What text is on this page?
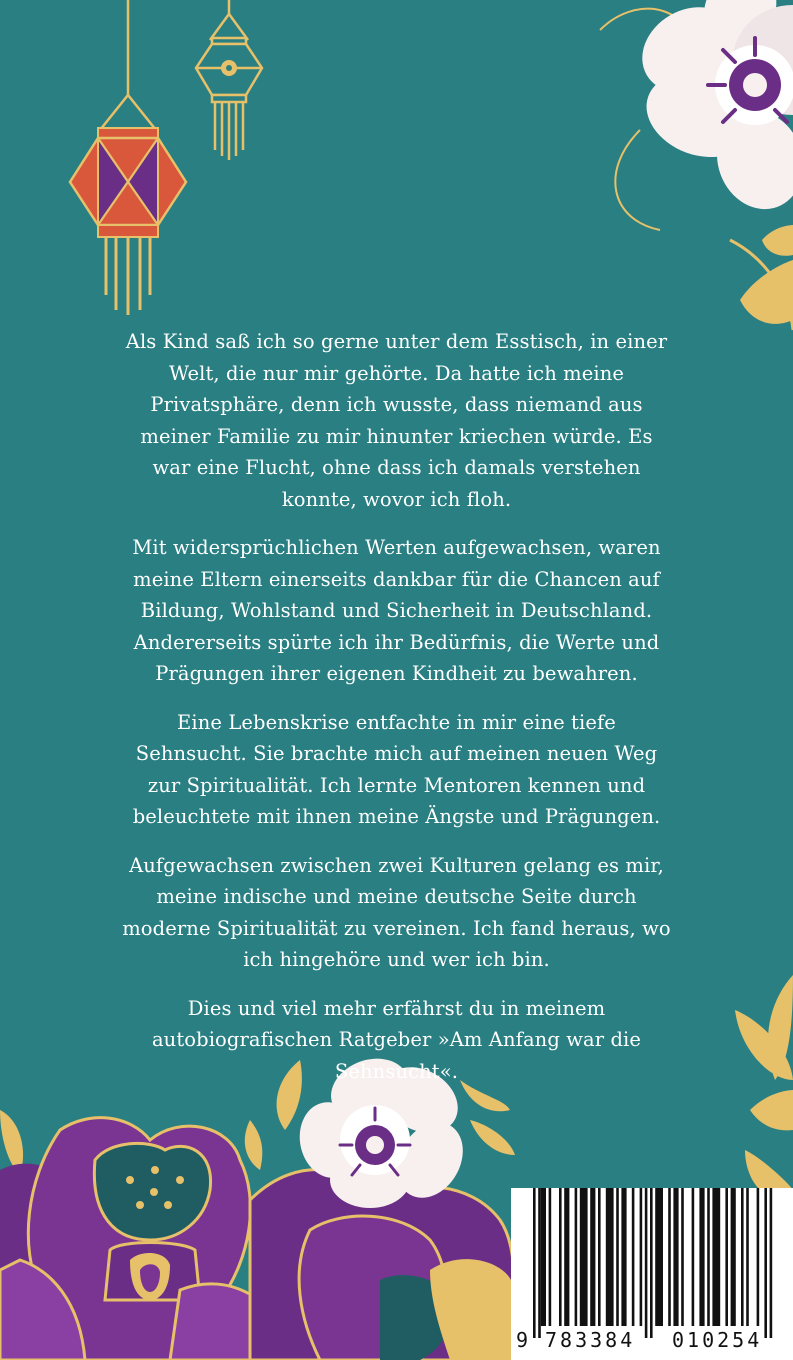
Als Kind saß ich so gerne unter dem Esstisch, in einer Welt, die nur mir gehörte. Da hatte ich meine Privatsphäre, denn ich wusste, dass niemand aus meiner Familie zu mir hinunter kriechen würde. Es war eine Flucht, ohne dass ich damals verstehen konnte, wovor ich floh.

Mit widersprüchlichen Werten aufgewachsen, waren meine Eltern einerseits dankbar für die Chancen auf Bildung, Wohlstand und Sicherheit in Deutschland. Andererseits spürte ich ihr Bedürfnis, die Werte und Prägungen ihrer eigenen Kindheit zu bewahren.

Eine Lebenskrise entfachte in mir eine tiefe Sehnsucht. Sie brachte mich auf meinen neuen Weg zur Spiritualität. Ich lernte Mentoren kennen und beleuchtete mit ihnen meine Ängste und Prägungen.

Aufgewachsen zwischen zwei Kulturen gelang es mir, meine indische und meine deutsche Seite durch moderne Spiritualität zu vereinen. Ich fand heraus, wo ich hingehöre und wer ich bin.

Dies und viel mehr erfährst du in meinem autobiografischen Ratgeber »Am Anfang war die Sehnsucht«.

9 783384 010254
